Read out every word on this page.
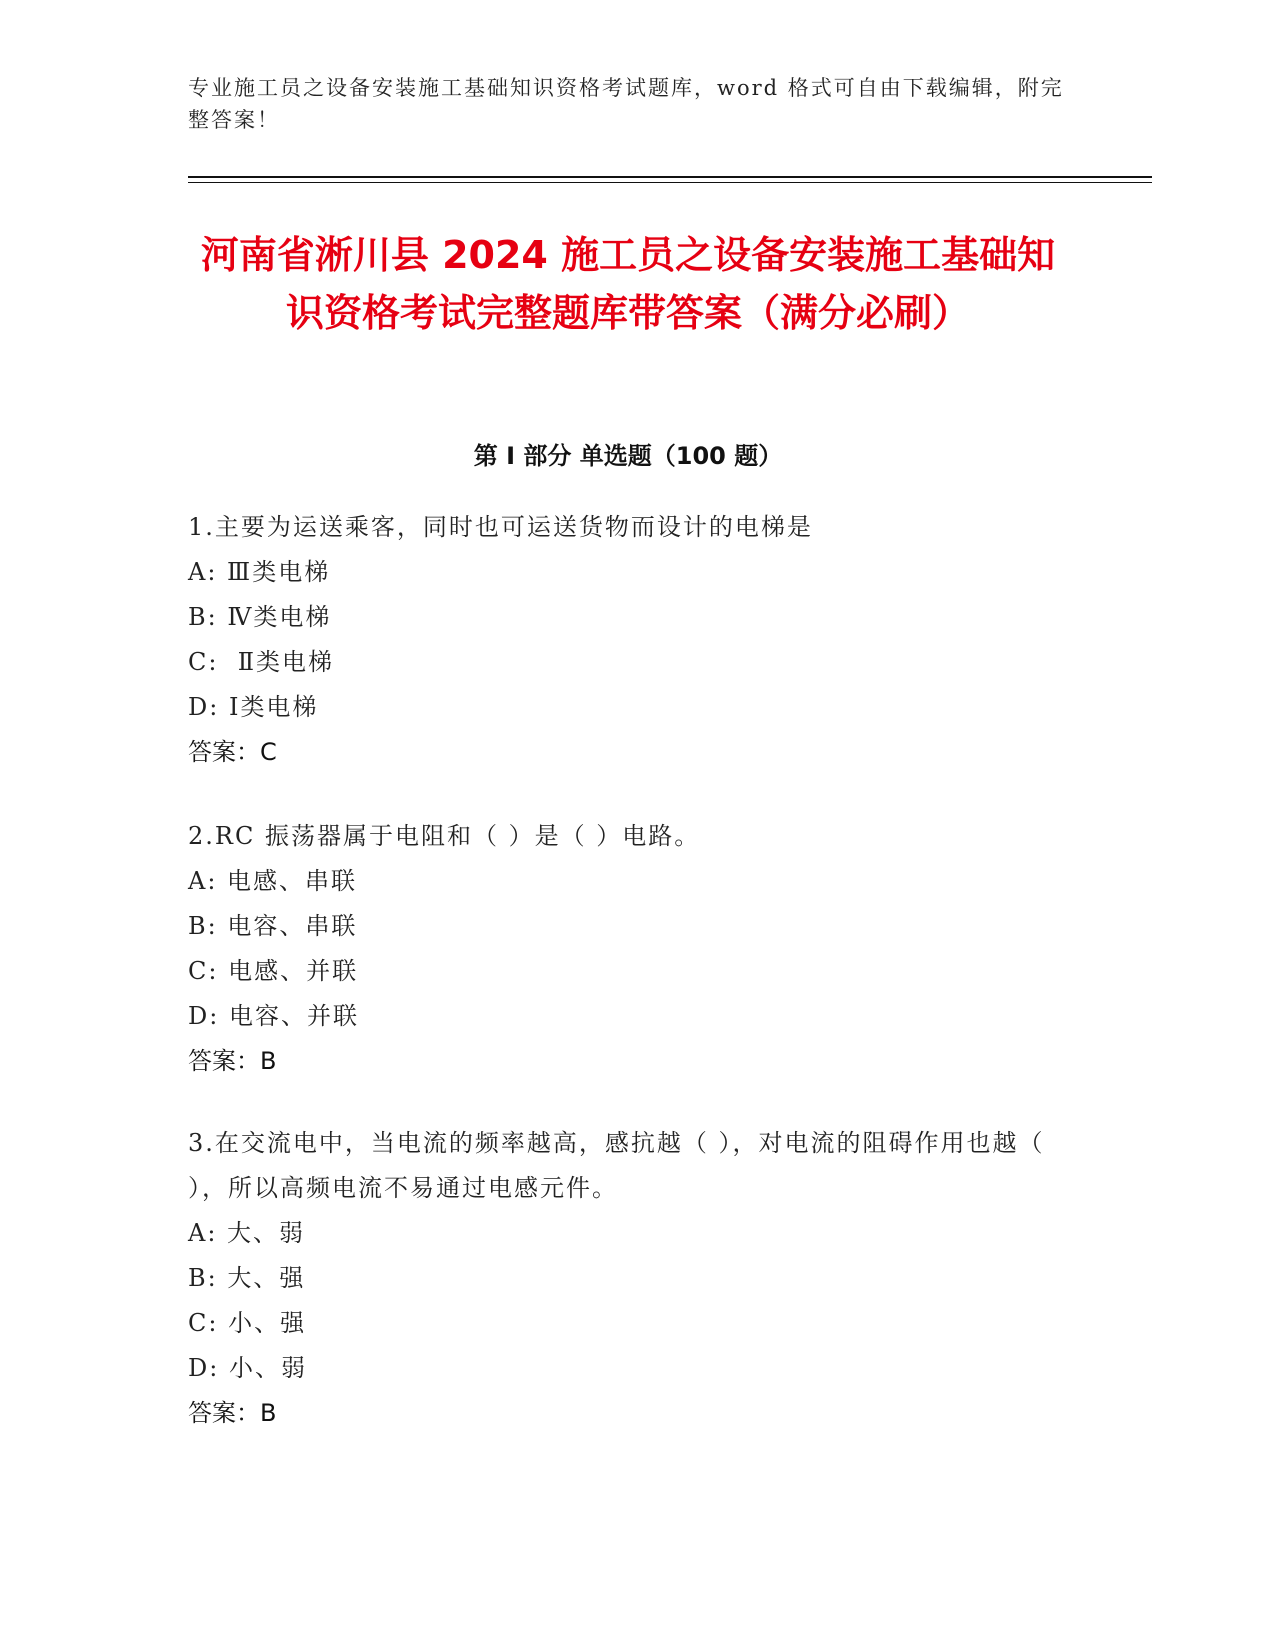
专业施工员之设备安装施工基础知识资格考试题库，word 格式可自由下载编辑，附完整答案！
河南省淅川县 2024 施工员之设备安装施工基础知识资格考试完整题库带答案（满分必刷）
第 I 部分 单选题（100 题）
1.主要为运送乘客，同时也可运送货物而设计的电梯是
A: Ⅲ类电梯
B: Ⅳ类电梯
C:  Ⅱ类电梯
D: Ⅰ类电梯
答案：C
2.RC 振荡器属于电阻和（ ）是（ ）电路。
A: 电感、串联
B: 电容、串联
C: 电感、并联
D: 电容、并联
答案：B
3.在交流电中，当电流的频率越高，感抗越（ ），对电流的阻碍作用也越（ ），所以高频电流不易通过电感元件。
A: 大、弱
B: 大、强
C: 小、强
D: 小、弱
答案：B
